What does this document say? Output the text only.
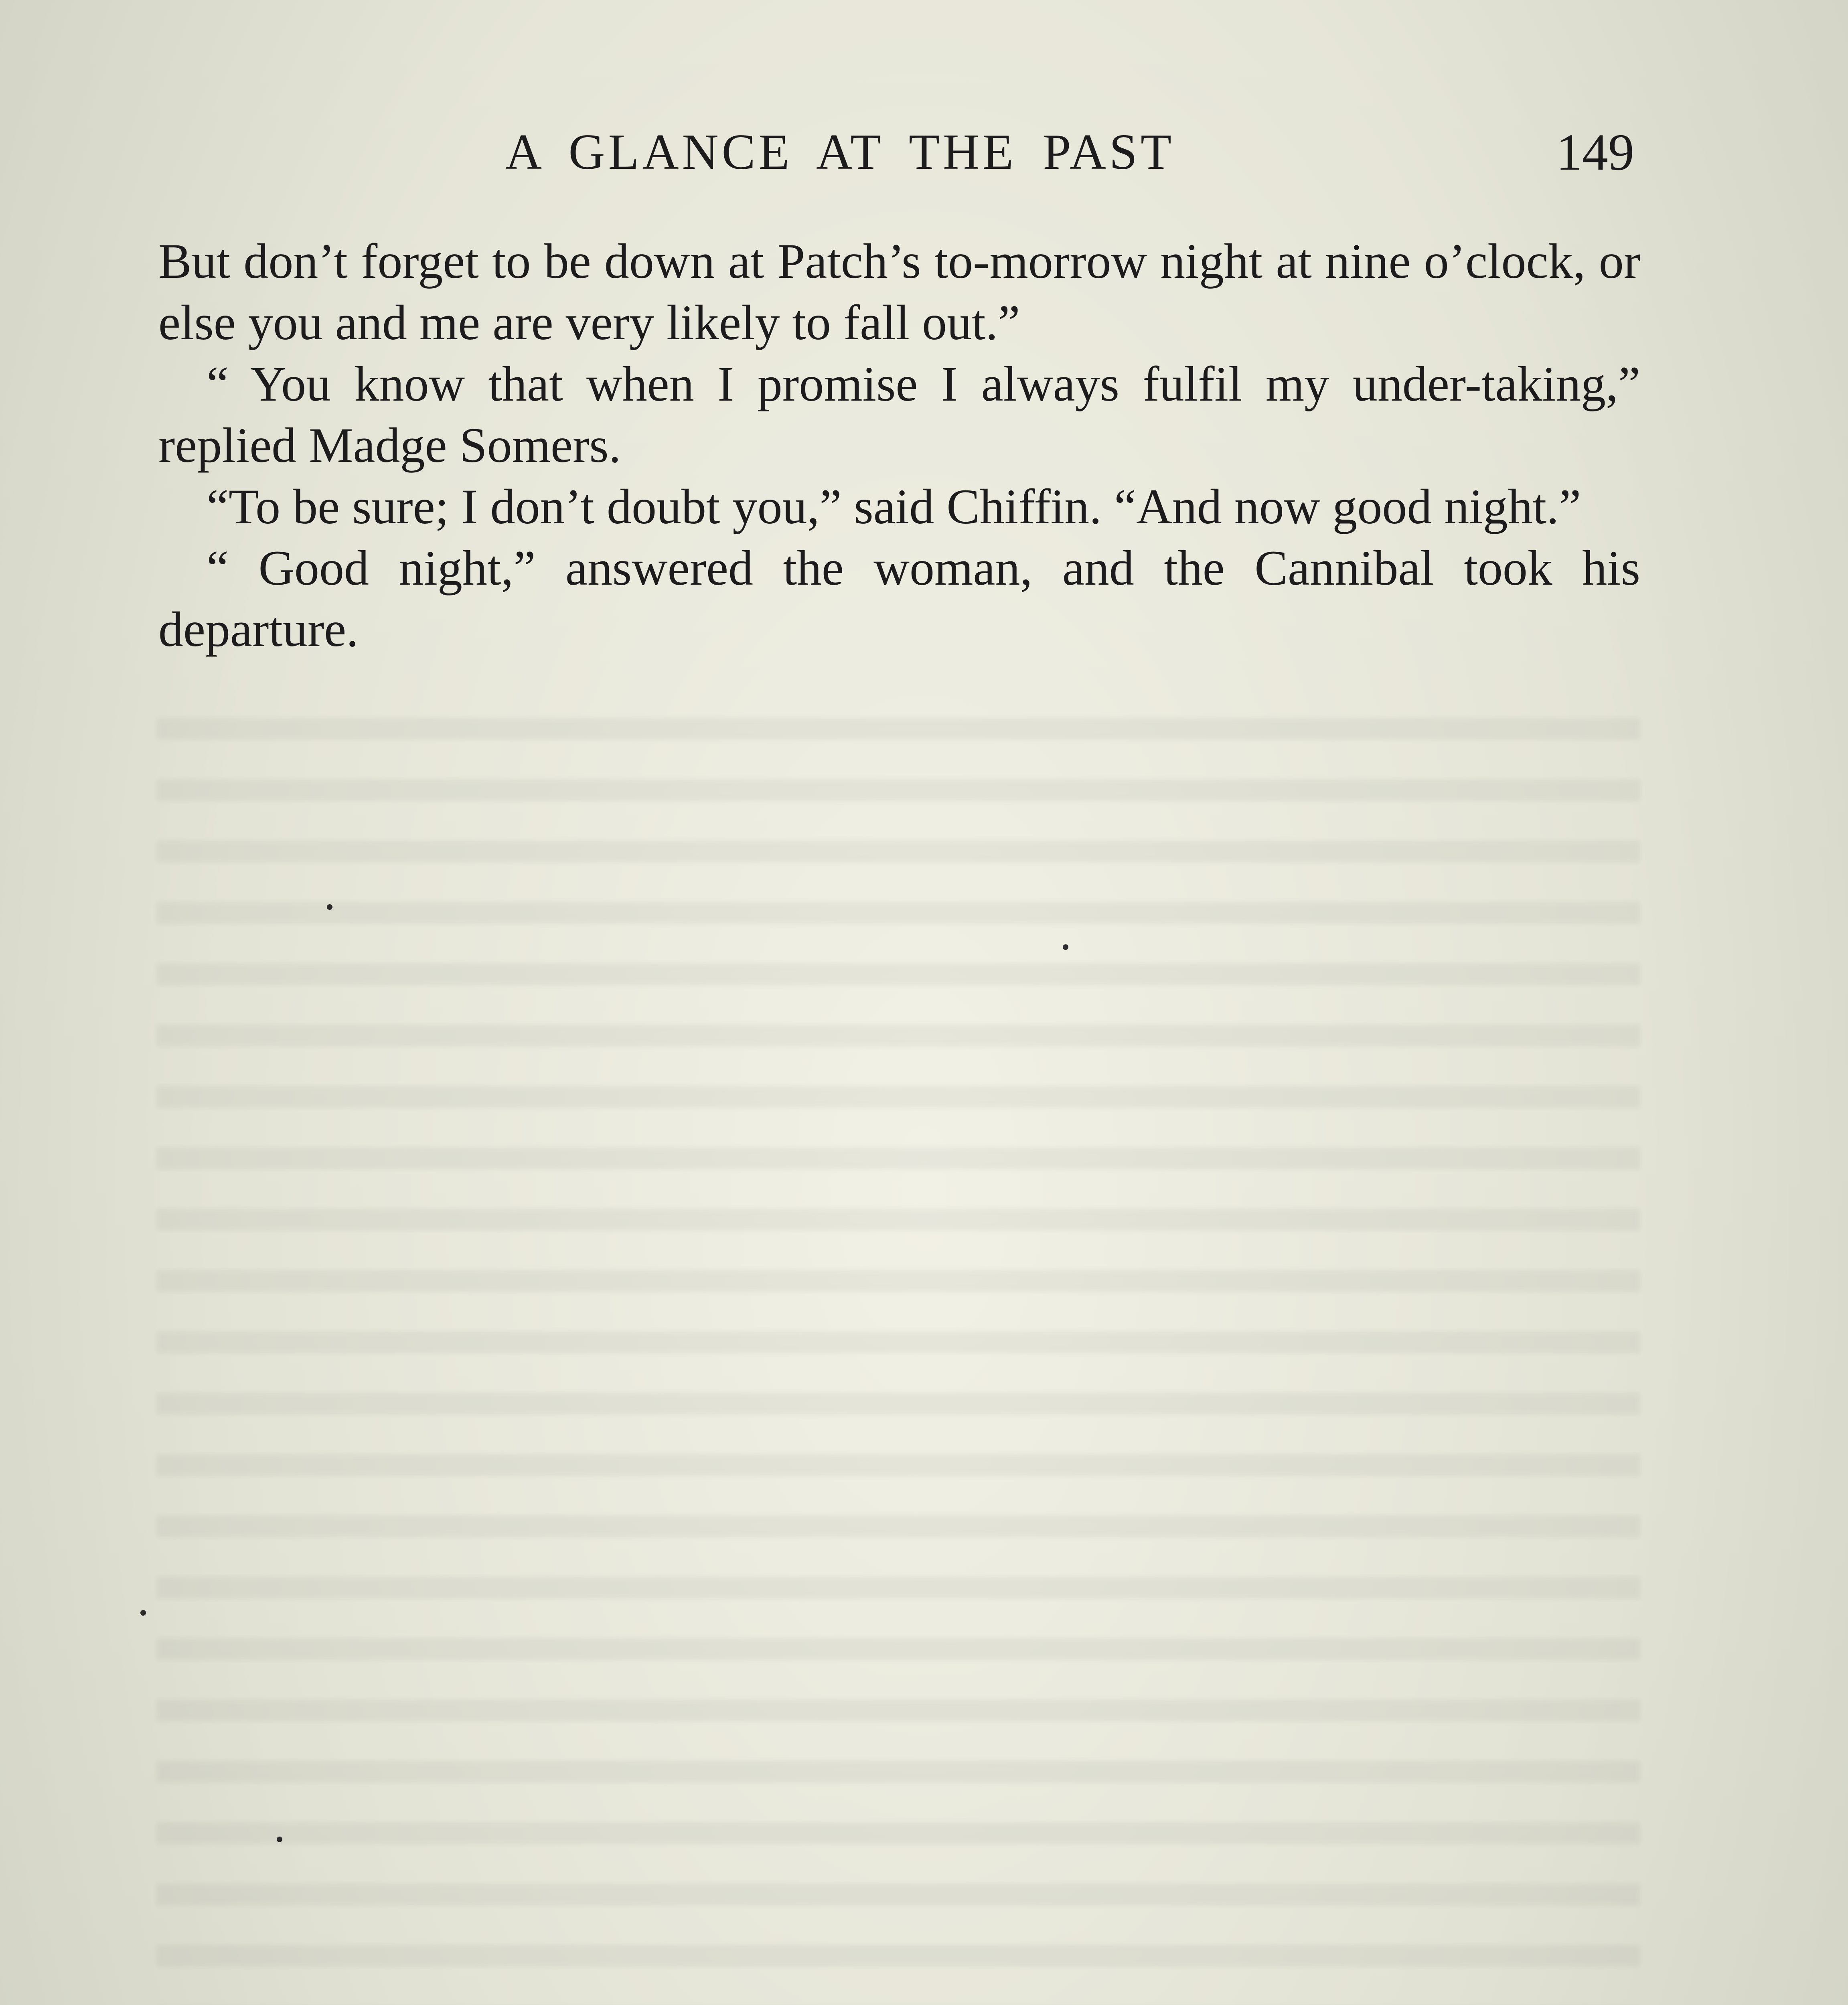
A GLANCE AT THE PAST	149

But don’t forget to be down at Patch’s to-morrow night at nine o’clock, or else you and me are very likely to fall out.”

“ You know that when I promise I always fulfil my under-taking,” replied Madge Somers.

“To be sure; I don’t doubt you,” said Chiffin. “And now good night.”

“ Good night,” answered the woman, and the Cannibal took his departure.
